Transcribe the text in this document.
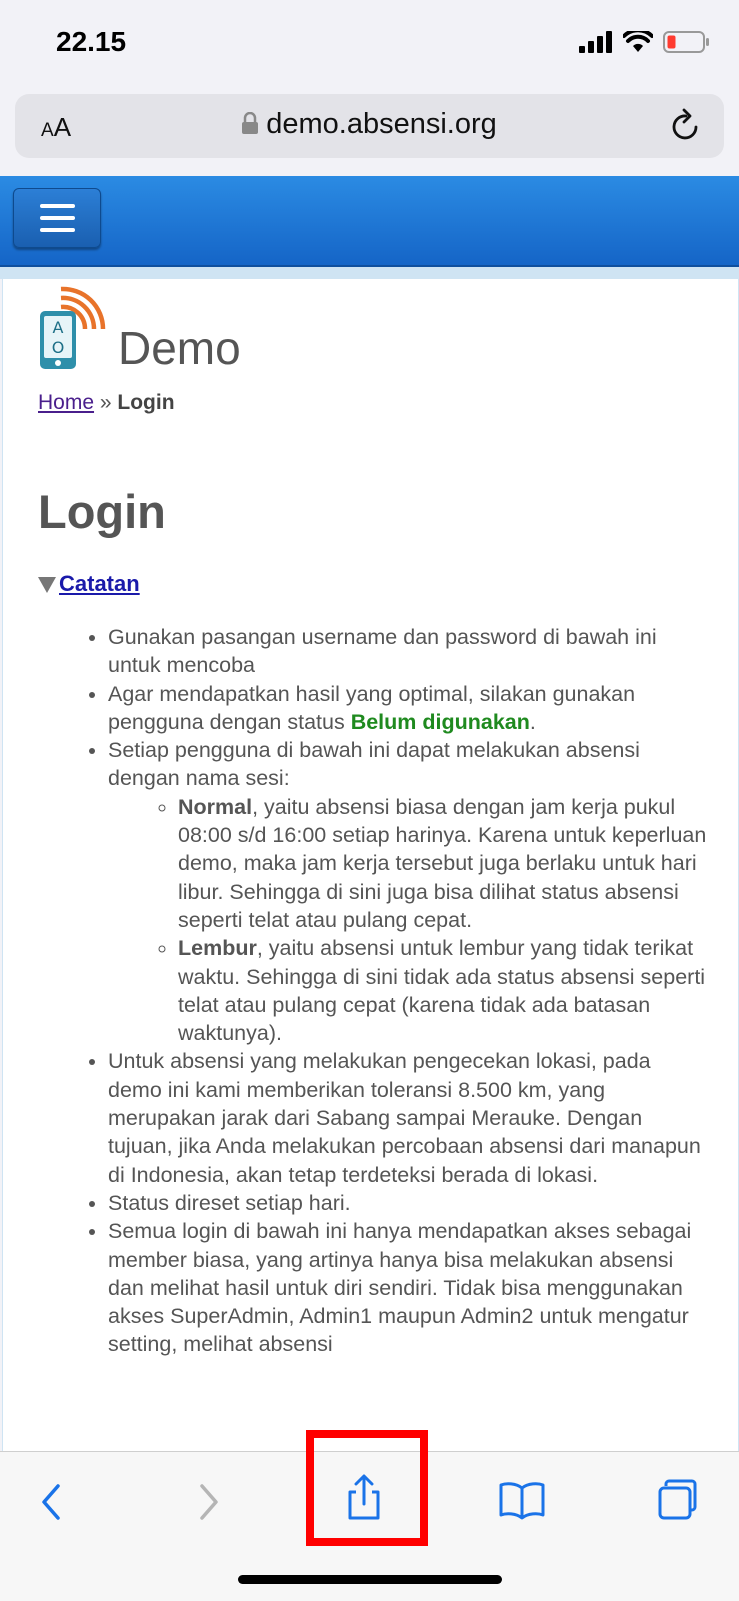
22.15
AA	demo.absensi.org
A
O Demo
Home » Login
Login
Catatan
• Gunakan pasangan username dan password di bawah ini untuk mencoba
• Agar mendapatkan hasil yang optimal, silakan gunakan pengguna dengan status Belum digunakan.
• Setiap pengguna di bawah ini dapat melakukan absensi dengan nama sesi:
◦ Normal, yaitu absensi biasa dengan jam kerja pukul 08:00 s/d 16:00 setiap harinya. Karena untuk keperluan demo, maka jam kerja tersebut juga berlaku untuk hari libur. Sehingga di sini juga bisa dilihat status absensi seperti telat atau pulang cepat.
◦ Lembur, yaitu absensi untuk lembur yang tidak terikat waktu. Sehingga di sini tidak ada status absensi seperti telat atau pulang cepat (karena tidak ada batasan waktunya).
• Untuk absensi yang melakukan pengecekan lokasi, pada demo ini kami memberikan toleransi 8.500 km, yang merupakan jarak dari Sabang sampai Merauke. Dengan tujuan, jika Anda melakukan percobaan absensi dari manapun di Indonesia, akan tetap terdeteksi berada di lokasi.
• Status direset setiap hari.
• Semua login di bawah ini hanya mendapatkan akses sebagai member biasa, yang artinya hanya bisa melakukan absensi dan melihat hasil untuk diri sendiri. Tidak bisa menggunakan akses SuperAdmin, Admin1 maupun Admin2 untuk mengatur setting, melihat absensi
